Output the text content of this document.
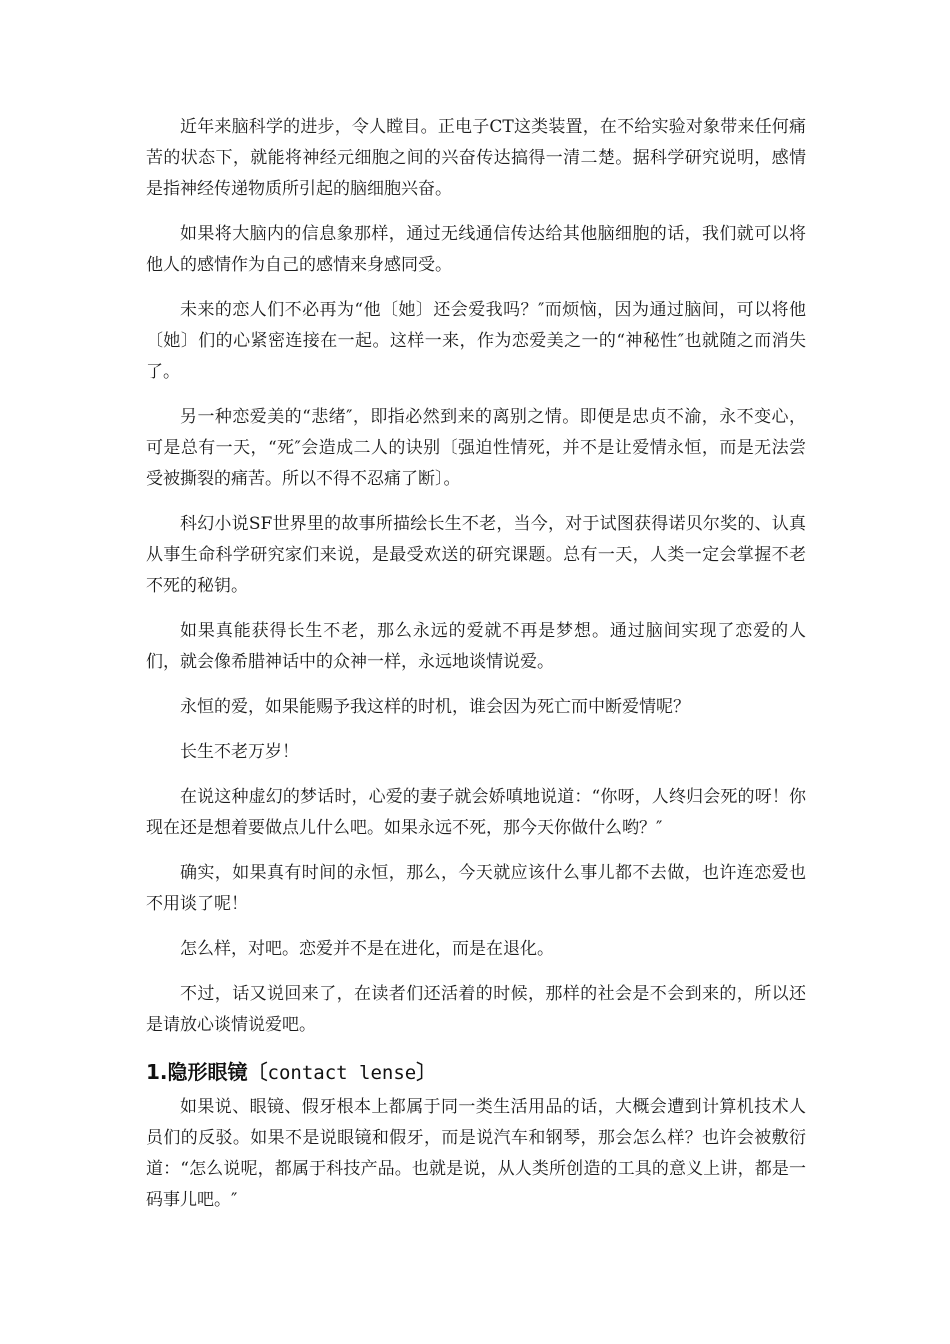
近年来脑科学的进步，令人瞠目。正电子CT这类装置，在不给实验对象带来任何痛苦的状态下，就能将神经元细胞之间的兴奋传达搞得一清二楚。据科学研究说明，感情是指神经传递物质所引起的脑细胞兴奋。

如果将大脑内的信息象那样，通过无线通信传达给其他脑细胞的话，我们就可以将他人的感情作为自己的感情来身感同受。

未来的恋人们不必再为“他〔她〕还会爱我吗？″而烦恼，因为通过脑间，可以将他〔她〕们的心紧密连接在一起。这样一来，作为恋爱美之一的“神秘性″也就随之而消失了。

另一种恋爱美的“悲绪″，即指必然到来的离别之情。即便是忠贞不渝，永不变心，可是总有一天，“死″会造成二人的诀别〔强迫性情死，并不是让爱情永恒，而是无法尝受被撕裂的痛苦。所以不得不忍痛了断〕。

科幻小说SF世界里的故事所描绘长生不老，当今，对于试图获得诺贝尔奖的、认真从事生命科学研究家们来说，是最受欢送的研究课题。总有一天，人类一定会掌握不老不死的秘钥。

如果真能获得长生不老，那么永远的爱就不再是梦想。通过脑间实现了恋爱的人们，就会像希腊神话中的众神一样，永远地谈情说爱。

永恒的爱，如果能赐予我这样的时机，谁会因为死亡而中断爱情呢？

长生不老万岁！

在说这种虚幻的梦话时，心爱的妻子就会娇嗔地说道：“你呀，人终归会死的呀！你现在还是想着要做点儿什么吧。如果永远不死，那今天你做什么哟？″

确实，如果真有时间的永恒，那么，今天就应该什么事儿都不去做，也许连恋爱也不用谈了呢！

怎么样，对吧。恋爱并不是在进化，而是在退化。

不过，话又说回来了，在读者们还活着的时候，那样的社会是不会到来的，所以还是请放心谈情说爱吧。

1.隐形眼镜〔contact lense〕

如果说、眼镜、假牙根本上都属于同一类生活用品的话，大概会遭到计算机技术人员们的反驳。如果不是说眼镜和假牙，而是说汽车和钢琴，那会怎么样？也许会被敷衍道：“怎么说呢，都属于科技产品。也就是说，从人类所创造的工具的意义上讲，都是一码事儿吧。″
